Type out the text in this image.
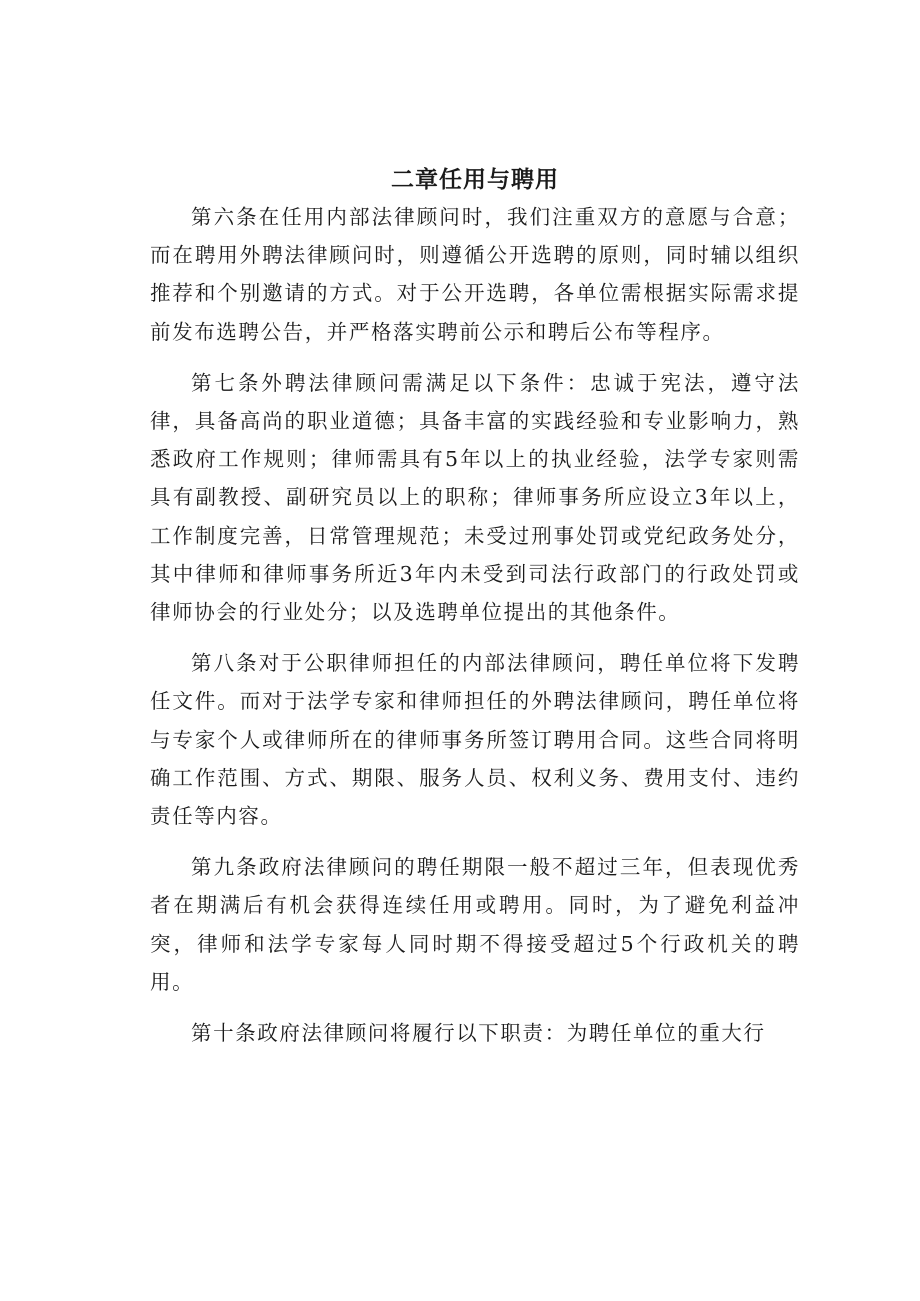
二章任用与聘用

第六条在任用内部法律顾问时，我们注重双方的意愿与合意；而在聘用外聘法律顾问时，则遵循公开选聘的原则，同时辅以组织推荐和个别邀请的方式。对于公开选聘，各单位需根据实际需求提前发布选聘公告，并严格落实聘前公示和聘后公布等程序。

第七条外聘法律顾问需满足以下条件：忠诚于宪法，遵守法律，具备高尚的职业道德；具备丰富的实践经验和专业影响力，熟悉政府工作规则；律师需具有5年以上的执业经验，法学专家则需具有副教授、副研究员以上的职称；律师事务所应设立3年以上，工作制度完善，日常管理规范；未受过刑事处罚或党纪政务处分，其中律师和律师事务所近3年内未受到司法行政部门的行政处罚或律师协会的行业处分；以及选聘单位提出的其他条件。

第八条对于公职律师担任的内部法律顾问，聘任单位将下发聘任文件。而对于法学专家和律师担任的外聘法律顾问，聘任单位将与专家个人或律师所在的律师事务所签订聘用合同。这些合同将明确工作范围、方式、期限、服务人员、权利义务、费用支付、违约责任等内容。

第九条政府法律顾问的聘任期限一般不超过三年，但表现优秀者在期满后有机会获得连续任用或聘用。同时，为了避免利益冲突，律师和法学专家每人同时期不得接受超过5个行政机关的聘用。

第十条政府法律顾问将履行以下职责：为聘任单位的重大行
